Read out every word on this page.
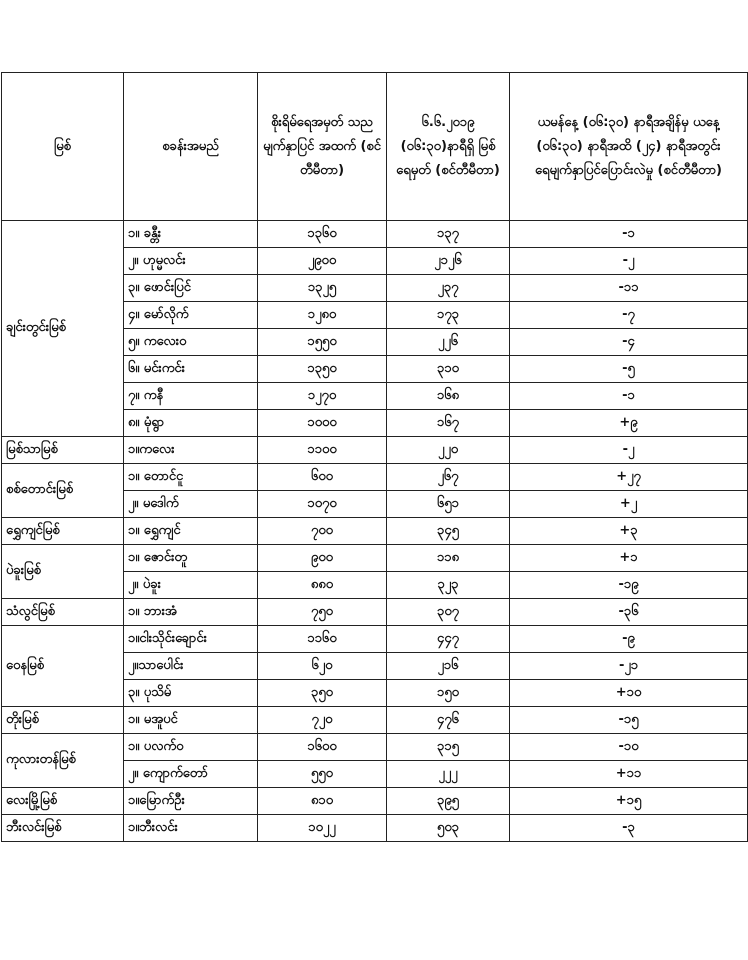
မြစ်	စခန်းအမည်	စိုးရိမ်ရေအမှတ် သည မျက်နှာပြင် အထက် (စင်တီမီတာ)	၆.၆.၂၀၁၉ (၀၆:၃၀)နာရီရှိ မြစ်ရေမှတ် (စင်တီမီတာ)	ယမန်နေ့ (၀၆:၃၀) နာရီအချိန်မှ ယနေ့ (၀၆:၃၀) နာရီအထိ (၂၄) နာရီအတွင်း ရေမျက်နှာပြင်ပြောင်းလဲမှု (စင်တီမီတာ)
ချင်းတွင်းမြစ်	၁။ ခန္တီး	၁၃၆၀	၁၃၇	-၁
	၂။ ဟုမ္မလင်း	၂၉၀၀	၂၁၂၆	-၂
	၃။ ဖောင်းပြင်	၁၃၂၅	၂၃၇	-၁၁
	၄။ မော်လိုက်	၁၂၈၀	၁၇၃	-၇
	၅။ ကလေးဝ	၁၅၅၀	၂၂၆	-၄
	၆။ မင်းကင်း	၁၃၅၀	၃၁၀	-၅
	၇။ ကနီ	၁၂၇၀	၁၆၈	-၁
	၈။ မုံရွာ	၁၀၀၀	၁၆၇	+၉
မြစ်သာမြစ်	၁။ကလေး	၁၁၀၀	၂၂၀	-၂
စစ်တောင်းမြစ်	၁။ တောင်ငူ	၆၀၀	၂၆၇	+၂၇
	၂။ မဒေါက်	၁၀၇၀	၆၅၁	+၂
ရွှေကျင်မြစ်	၁။ ရွှေကျင်	၇၀၀	၃၄၅	+၃
ပဲခူးမြစ်	၁။ ဇောင်းတူ	၉၀၀	၁၁၈	+၁
	၂။ ပဲခူး	၈၈၀	၃၂၃	-၁၉
သံလွင်မြစ်	၁။ ဘားအံ	၇၅၀	၃၀၇	-၃၆
ဝေနမြစ်	၁။ငါးသိုင်းချောင်း	၁၁၆၀	၄၄၇	-၉
	၂။သာပေါင်း	၆၂၀	၂၁၆	-၂၁
	၃။ ပုသိမ်	၃၅၀	၁၅၀	+၁၀
တိုးမြစ်	၁။ မအူပင်	၇၂၀	၄၇၆	-၁၅
ကုလားတန်မြစ်	၁။ ပလက်ဝ	၁၆၀၀	၃၁၅	-၁၀
	၂။ ကျောက်တော်	၅၅၀	၂၂၂	+၁၁
လေးမြို့မြစ်	၁။မြောက်ဦး	၈၁၀	၃၉၅	+၁၅
ဘီးလင်းမြစ်	၁။ဘီးလင်း	၁၀၂၂	၅၀၃	-၃
